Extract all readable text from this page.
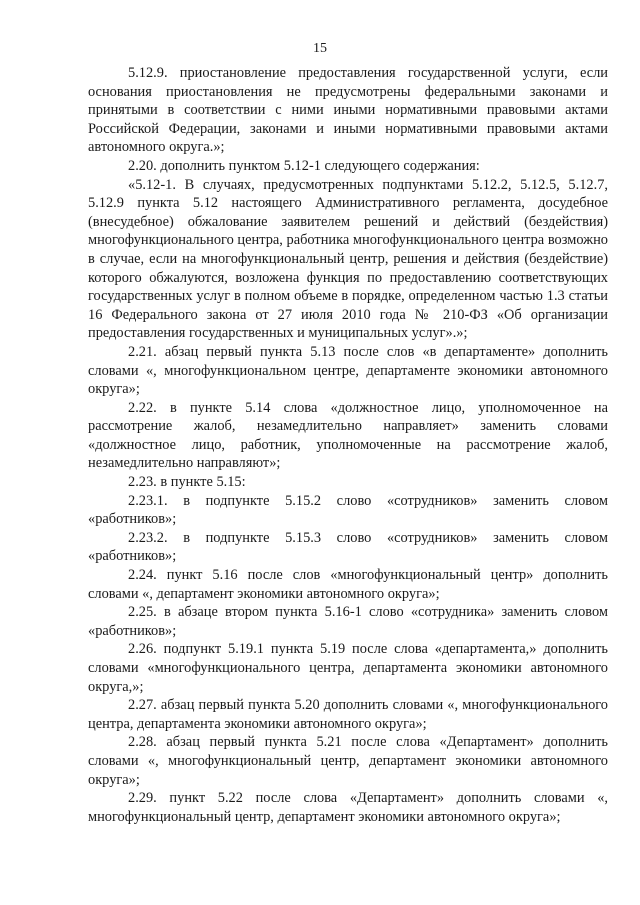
15

5.12.9. приостановление предоставления государственной услуги, если основания приостановления не предусмотрены федеральными законами и принятыми в соответствии с ними иными нормативными правовыми актами Российской Федерации, законами и иными нормативными правовыми актами автономного округа.»;

2.20. дополнить пунктом 5.12-1 следующего содержания:

«5.12-1. В случаях, предусмотренных подпунктами 5.12.2, 5.12.5, 5.12.7, 5.12.9 пункта 5.12 настоящего Административного регламента, досудебное (внесудебное) обжалование заявителем решений и действий (бездействия) многофункционального центра, работника многофункционального центра возможно в случае, если на многофункциональный центр, решения и действия (бездействие) которого обжалуются, возложена функция по предоставлению соответствующих государственных услуг в полном объеме в порядке, определенном частью 1.3 статьи 16 Федерального закона от 27 июля 2010 года № 210-ФЗ «Об организации предоставления государственных и муниципальных услуг».»;

2.21. абзац первый пункта 5.13 после слов «в департаменте» дополнить словами «, многофункциональном центре, департаменте экономики автономного округа»;

2.22. в пункте 5.14 слова «должностное лицо, уполномоченное на рассмотрение жалоб, незамедлительно направляет» заменить словами «должностное лицо, работник, уполномоченные на рассмотрение жалоб, незамедлительно направляют»;

2.23. в пункте 5.15:

2.23.1. в подпункте 5.15.2 слово «сотрудников» заменить словом «работников»;

2.23.2. в подпункте 5.15.3 слово «сотрудников» заменить словом «работников»;

2.24. пункт 5.16 после слов «многофункциональный центр» дополнить словами «, департамент экономики автономного округа»;

2.25. в абзаце втором пункта 5.16-1 слово «сотрудника» заменить словом «работников»;

2.26. подпункт 5.19.1 пункта 5.19 после слова «департамента,» дополнить словами «многофункционального центра, департамента экономики автономного округа,»;

2.27. абзац первый пункта 5.20 дополнить словами «, многофункционального центра, департамента экономики автономного округа»;

2.28. абзац первый пункта 5.21 после слова «Департамент» дополнить словами «, многофункциональный центр, департамент экономики автономного округа»;

2.29. пункт 5.22 после слова «Департамент» дополнить словами «, многофункциональный центр, департамент экономики автономного округа»;
